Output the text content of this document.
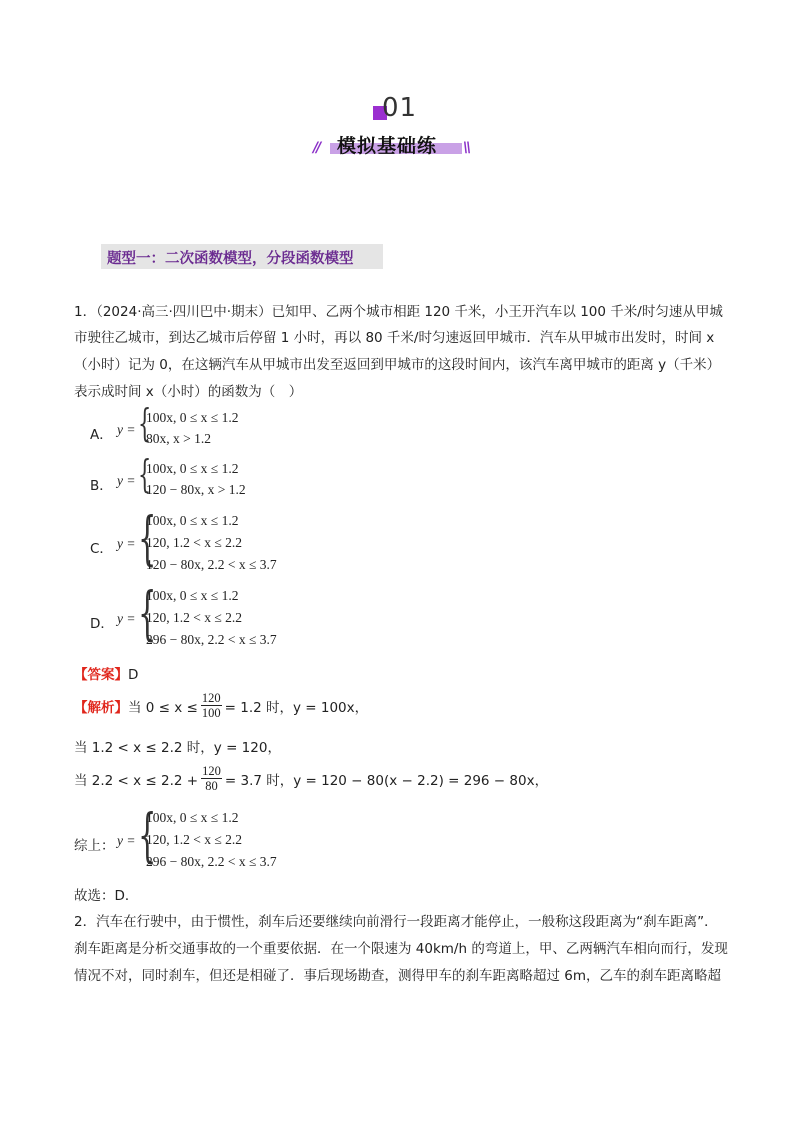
01
模拟基础练
//	\\
题型一：二次函数模型，分段函数模型
1．（2024·高三·四川巴中·期末）已知甲、乙两个城市相距 120 千米，小王开汽车以 100 千米/时匀速从甲城
市驶往乙城市，到达乙城市后停留 1 小时，再以 80 千米/时匀速返回甲城市．汽车从甲城市出发时，时间 x
（小时）记为 0，在这辆汽车从甲城市出发至返回到甲城市的这段时间内，该汽车离甲城市的距离 y（千米）
表示成时间 x（小时）的函数为（　）
A． y = {
100x, 0 ≤ x ≤ 1.2
80x, x > 1.2
B． y = {
100x, 0 ≤ x ≤ 1.2
120 − 80x, x > 1.2
C． y = {
100x, 0 ≤ x ≤ 1.2
120, 1.2 < x ≤ 2.2
120 − 80x, 2.2 < x ≤ 3.7
D． y = {
100x, 0 ≤ x ≤ 1.2
120, 1.2 < x ≤ 2.2
296 − 80x, 2.2 < x ≤ 3.7
【答案】D
【解析】 当 $0 \le x \le \frac{120}{100} = 1.2$ 时，y = 100x，
当 1.2 < x ≤ 2.2 时，y = 120，
当 $2.2 < x \le 2.2 + \frac{120}{80} = 3.7$ 时，y = 120 − 80(x − 2.2) = 296 − 80x，
综上： y = {
100x, 0 ≤ x ≤ 1.2
120, 1.2 < x ≤ 2.2
296 − 80x, 2.2 < x ≤ 3.7
故选：D．
2．汽车在行驶中，由于惯性，刹车后还要继续向前滑行一段距离才能停止，一般称这段距离为“刹车距离”．
刹车距离是分析交通事故的一个重要依据．在一个限速为 40km/h 的弯道上，甲、乙两辆汽车相向而行，发现
情况不对，同时刹车，但还是相碰了．事后现场勘查，测得甲车的刹车距离略超过 6m，乙车的刹车距离略超
